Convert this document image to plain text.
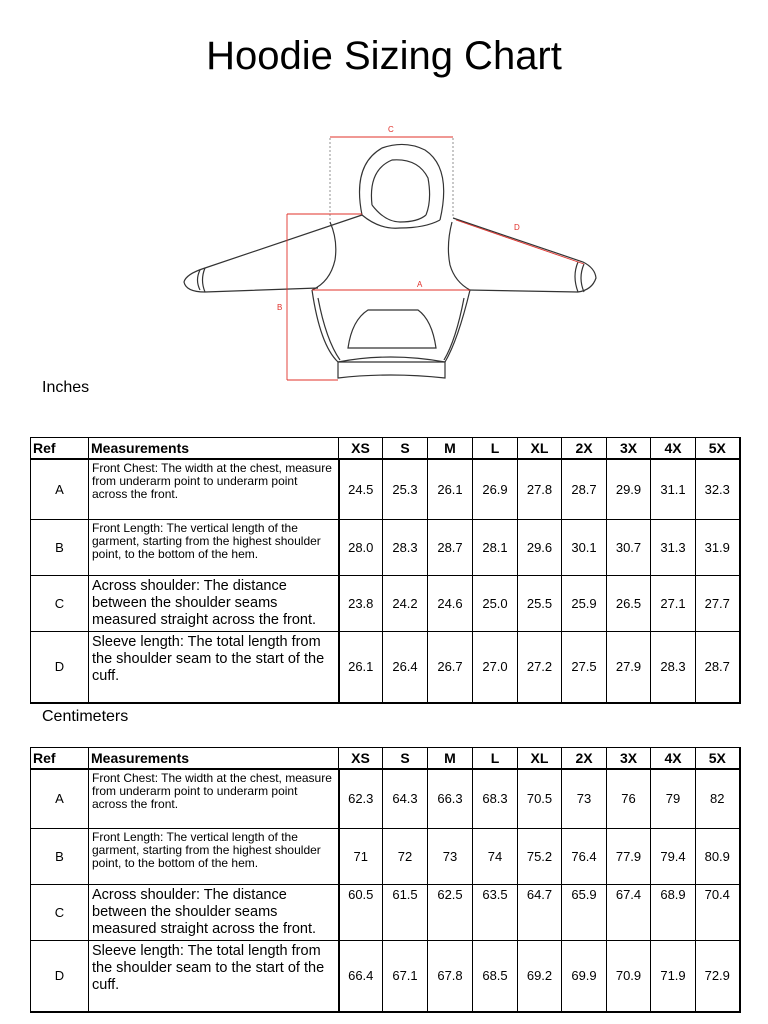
Hoodie Sizing Chart
C
A
D
B
Inches
Ref	Measurements	XS	S	M	L	XL	2X	3X	4X	5X
A	Front Chest: The width at the chest, measure from underarm point to underarm point across the front.	24.5	25.3	26.1	26.9	27.8	28.7	29.9	31.1	32.3
B	Front Length: The vertical length of the garment, starting from the highest shoulder point, to the bottom of the hem.	28.0	28.3	28.7	28.1	29.6	30.1	30.7	31.3	31.9
C	Across shoulder: The distance between the shoulder seams measured straight across the front.	23.8	24.2	24.6	25.0	25.5	25.9	26.5	27.1	27.7
D	Sleeve length: The total length from the shoulder seam to the start of the cuff.	26.1	26.4	26.7	27.0	27.2	27.5	27.9	28.3	28.7
Centimeters
Ref	Measurements	XS	S	M	L	XL	2X	3X	4X	5X
A	Front Chest: The width at the chest, measure from underarm point to underarm point across the front.	62.3	64.3	66.3	68.3	70.5	73	76	79	82
B	Front Length: The vertical length of the garment, starting from the highest shoulder point, to the bottom of the hem.	71	72	73	74	75.2	76.4	77.9	79.4	80.9
C	Across shoulder: The distance between the shoulder seams measured straight across the front.	60.5	61.5	62.5	63.5	64.7	65.9	67.4	68.9	70.4
D	Sleeve length: The total length from the shoulder seam to the start of the cuff.	66.4	67.1	67.8	68.5	69.2	69.9	70.9	71.9	72.9
